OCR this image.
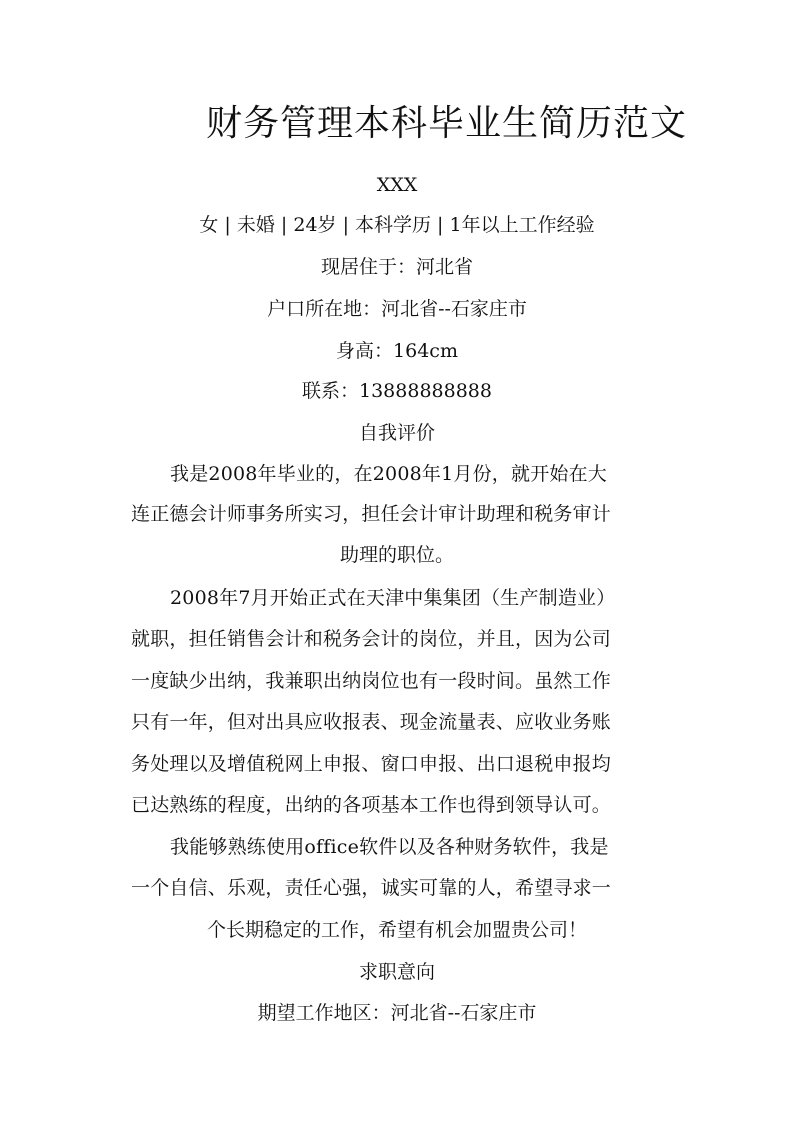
财务管理本科毕业生简历范文
XXX
女 | 未婚 | 24岁 | 本科学历 | 1年以上工作经验
现居住于：河北省
户口所在地：河北省--石家庄市
身高：164cm
联系：13888888888
自我评价
我是2008年毕业的，在2008年1月份，就开始在大
连正德会计师事务所实习，担任会计审计助理和税务审计
助理的职位。
2008年7月开始正式在天津中集集团（生产制造业）
就职，担任销售会计和税务会计的岗位，并且，因为公司
一度缺少出纳，我兼职出纳岗位也有一段时间。虽然工作
只有一年，但对出具应收报表、现金流量表、应收业务账
务处理以及增值税网上申报、窗口申报、出口退税申报均
已达熟练的程度，出纳的各项基本工作也得到领导认可。
我能够熟练使用office软件以及各种财务软件，我是
一个自信、乐观，责任心强，诚实可靠的人，希望寻求一
个长期稳定的工作，希望有机会加盟贵公司！
求职意向
期望工作地区：河北省--石家庄市
